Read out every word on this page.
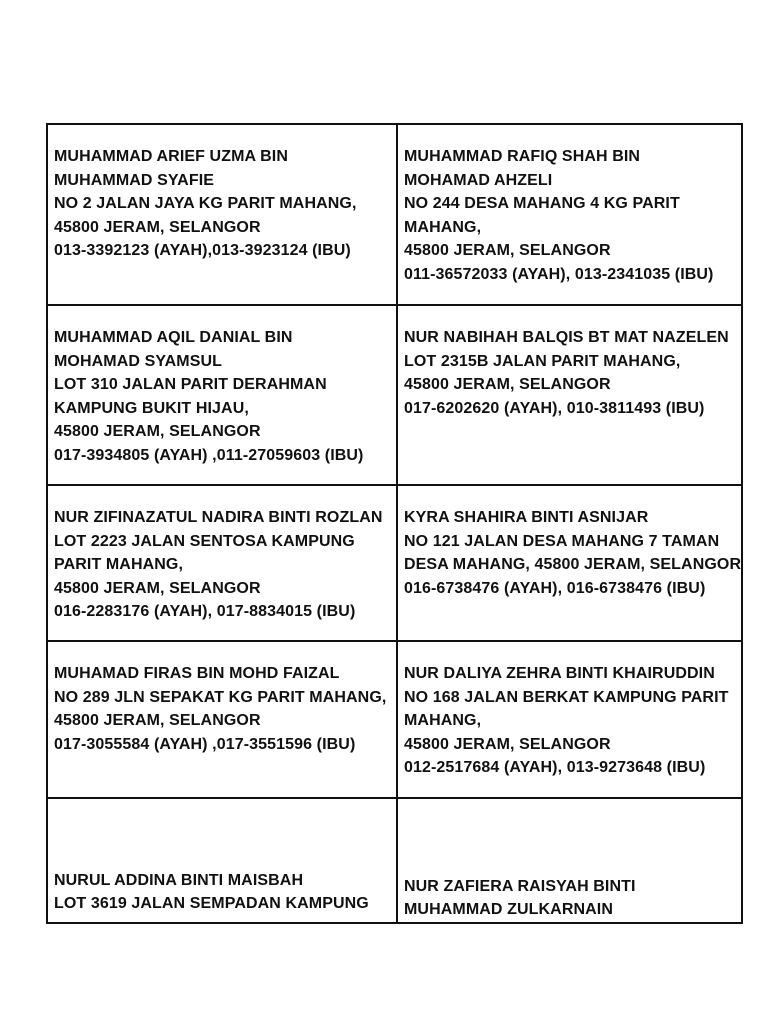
MUHAMMAD ARIEF UZMA BIN
MUHAMMAD SYAFIE
NO 2 JALAN JAYA KG PARIT MAHANG,
45800 JERAM, SELANGOR
013-3392123 (AYAH),013-3923124 (IBU)
MUHAMMAD RAFIQ SHAH BIN
MOHAMAD AHZELI
NO 244 DESA MAHANG 4 KG PARIT
MAHANG,
45800 JERAM, SELANGOR
011-36572033 (AYAH), 013-2341035 (IBU)
MUHAMMAD AQIL DANIAL BIN
MOHAMAD SYAMSUL
LOT 310 JALAN PARIT DERAHMAN
KAMPUNG BUKIT HIJAU,
45800 JERAM, SELANGOR
017-3934805 (AYAH) ,011-27059603 (IBU)
NUR NABIHAH BALQIS BT MAT NAZELEN
LOT 2315B JALAN PARIT MAHANG,
45800 JERAM, SELANGOR
017-6202620 (AYAH), 010-3811493 (IBU)
NUR ZIFINAZATUL NADIRA BINTI ROZLAN
LOT 2223 JALAN SENTOSA KAMPUNG
PARIT MAHANG,
45800 JERAM, SELANGOR
016-2283176 (AYAH), 017-8834015 (IBU)
KYRA SHAHIRA BINTI ASNIJAR
NO 121 JALAN DESA MAHANG 7 TAMAN
DESA MAHANG, 45800 JERAM, SELANGOR
016-6738476 (AYAH), 016-6738476 (IBU)
MUHAMAD FIRAS BIN MOHD FAIZAL
NO 289 JLN SEPAKAT KG PARIT MAHANG,
45800 JERAM, SELANGOR
017-3055584 (AYAH) ,017-3551596 (IBU)
NUR DALIYA ZEHRA BINTI KHAIRUDDIN
NO 168 JALAN BERKAT KAMPUNG PARIT
MAHANG,
45800 JERAM, SELANGOR
012-2517684 (AYAH), 013-9273648 (IBU)
NURUL ADDINA BINTI MAISBAH
LOT 3619 JALAN SEMPADAN KAMPUNG
NUR ZAFIERA RAISYAH BINTI
MUHAMMAD ZULKARNAIN
